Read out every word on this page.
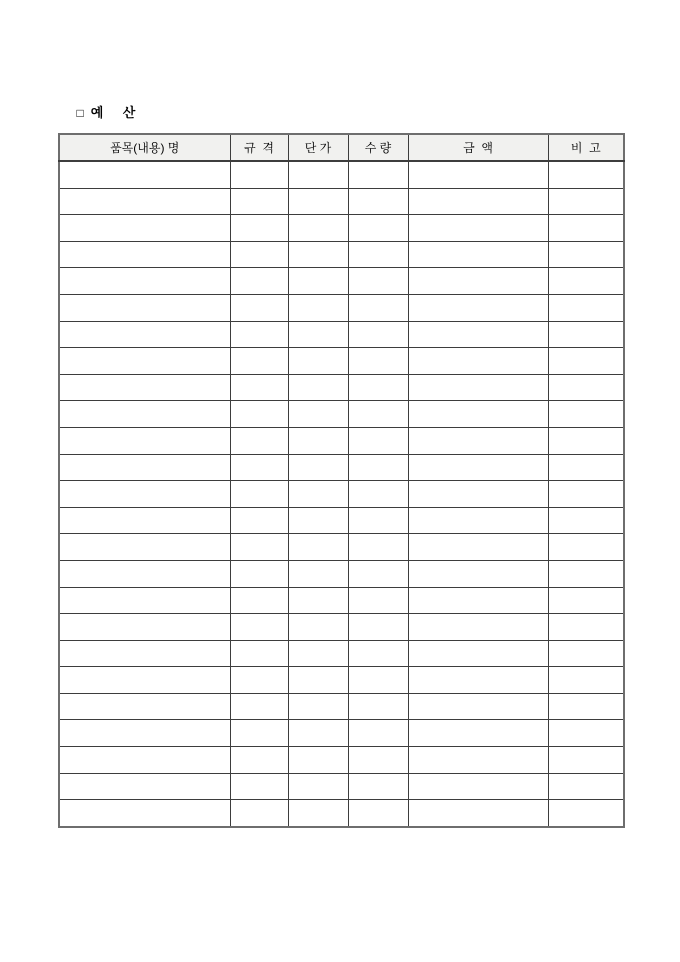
□ 예    산

품목(내용) 명	규  격	단 가	수 량	금  액	비  고
